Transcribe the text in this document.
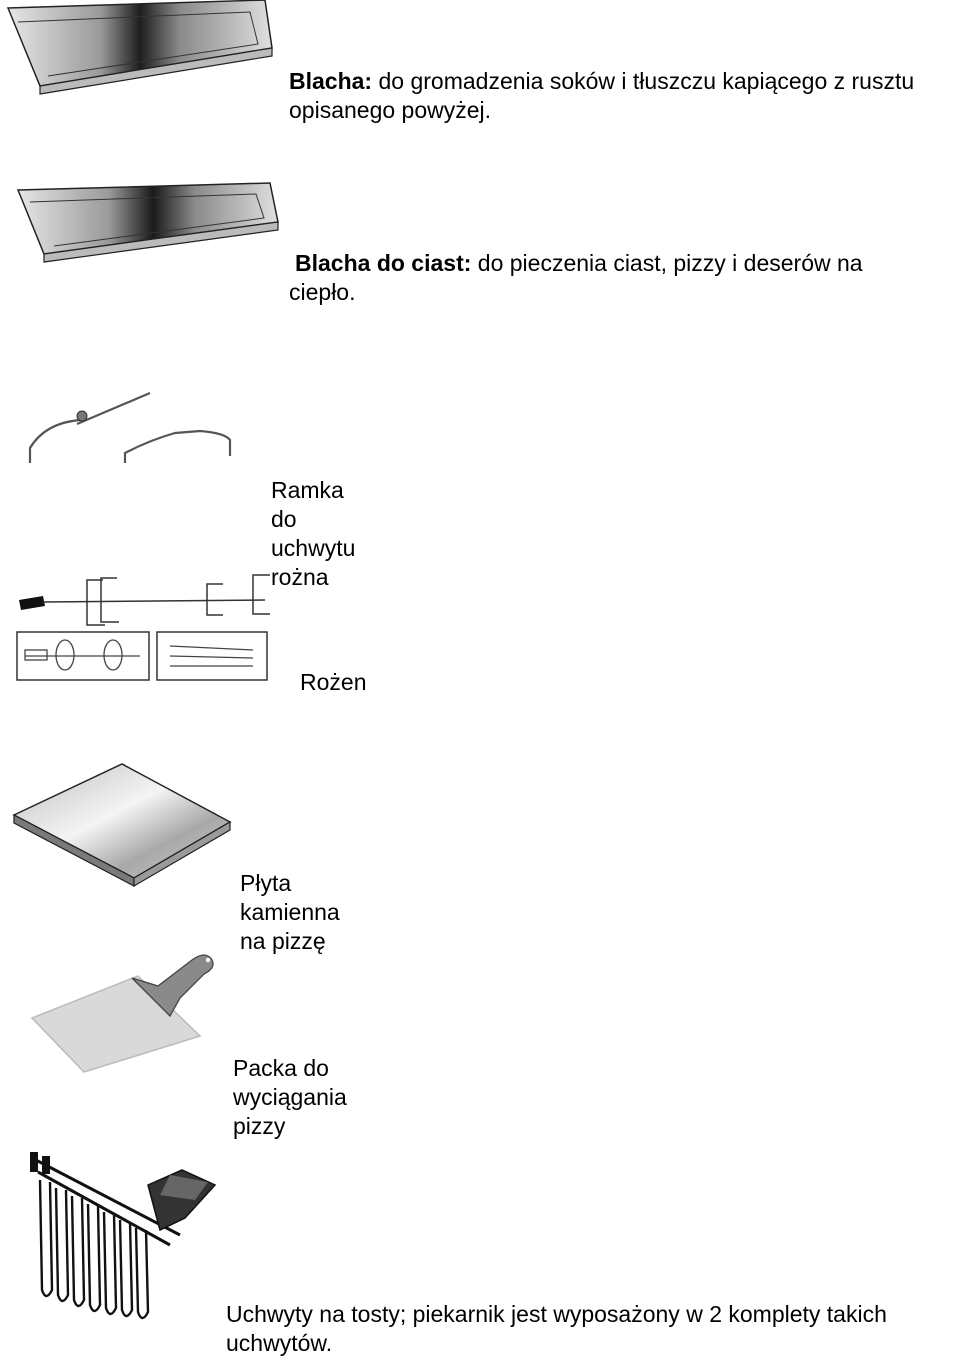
Blacha: do gromadzenia soków i tłuszczu kapiącego z rusztu opisanego powyżej.

Blacha do ciast: do pieczenia ciast, pizzy i deserów na ciepło.

Ramka do uchwytu rożna

Rożen

Płyta kamienna na pizzę

Packa do wyciągania pizzy

Uchwyty na tosty; piekarnik jest wyposażony w 2 komplety takich uchwytów.
